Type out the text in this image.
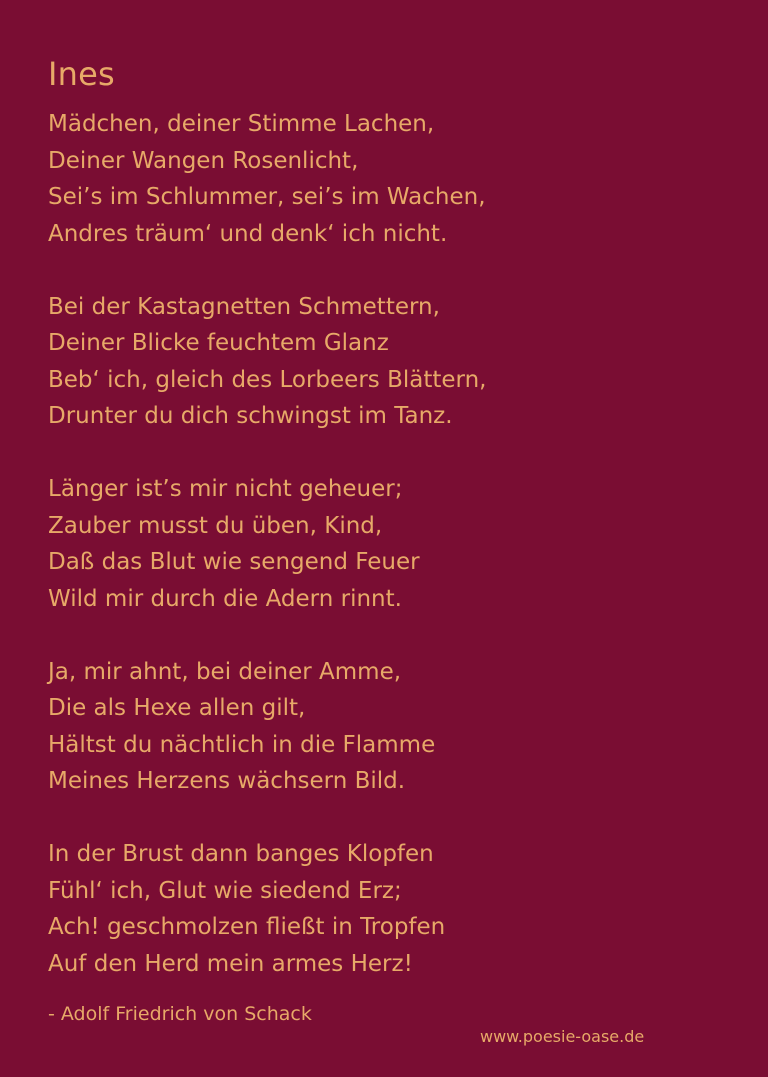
Ines
Mädchen, deiner Stimme Lachen,
Deiner Wangen Rosenlicht,
Sei’s im Schlummer, sei’s im Wachen,
Andres träum‘ und denk‘ ich nicht.
Bei der Kastagnetten Schmettern,
Deiner Blicke feuchtem Glanz
Beb‘ ich, gleich des Lorbeers Blättern,
Drunter du dich schwingst im Tanz.
Länger ist’s mir nicht geheuer;
Zauber musst du üben, Kind,
Daß das Blut wie sengend Feuer
Wild mir durch die Adern rinnt.
Ja, mir ahnt, bei deiner Amme,
Die als Hexe allen gilt,
Hältst du nächtlich in die Flamme
Meines Herzens wächsern Bild.
In der Brust dann banges Klopfen
Fühl‘ ich, Glut wie siedend Erz;
Ach! geschmolzen fließt in Tropfen
Auf den Herd mein armes Herz!
- Adolf Friedrich von Schack
www.poesie-oase.de
